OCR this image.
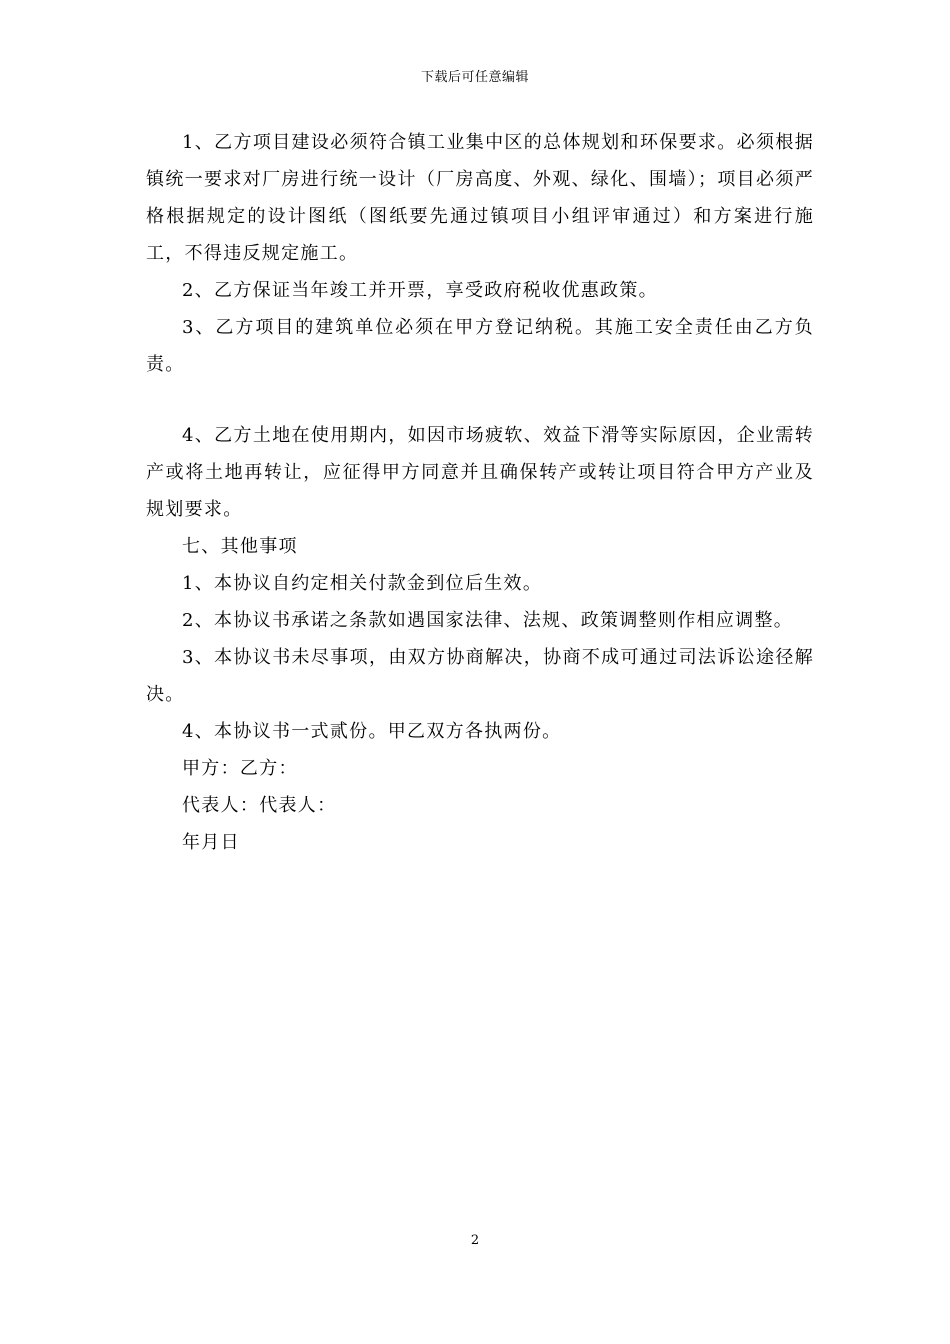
下载后可任意编辑

1、乙方项目建设必须符合镇工业集中区的总体规划和环保要求。必须根据镇统一要求对厂房进行统一设计（厂房高度、外观、绿化、围墙）；项目必须严格根据规定的设计图纸（图纸要先通过镇项目小组评审通过）和方案进行施工，不得违反规定施工。

2、乙方保证当年竣工并开票，享受政府税收优惠政策。

3、乙方项目的建筑单位必须在甲方登记纳税。其施工安全责任由乙方负责。

4、乙方土地在使用期内，如因市场疲软、效益下滑等实际原因，企业需转产或将土地再转让，应征得甲方同意并且确保转产或转让项目符合甲方产业及规划要求。

七、其他事项

1、本协议自约定相关付款金到位后生效。

2、本协议书承诺之条款如遇国家法律、法规、政策调整则作相应调整。

3、本协议书未尽事项，由双方协商解决，协商不成可通过司法诉讼途径解决。

4、本协议书一式贰份。甲乙双方各执两份。

甲方：乙方：

代表人：代表人：

年月日

2
